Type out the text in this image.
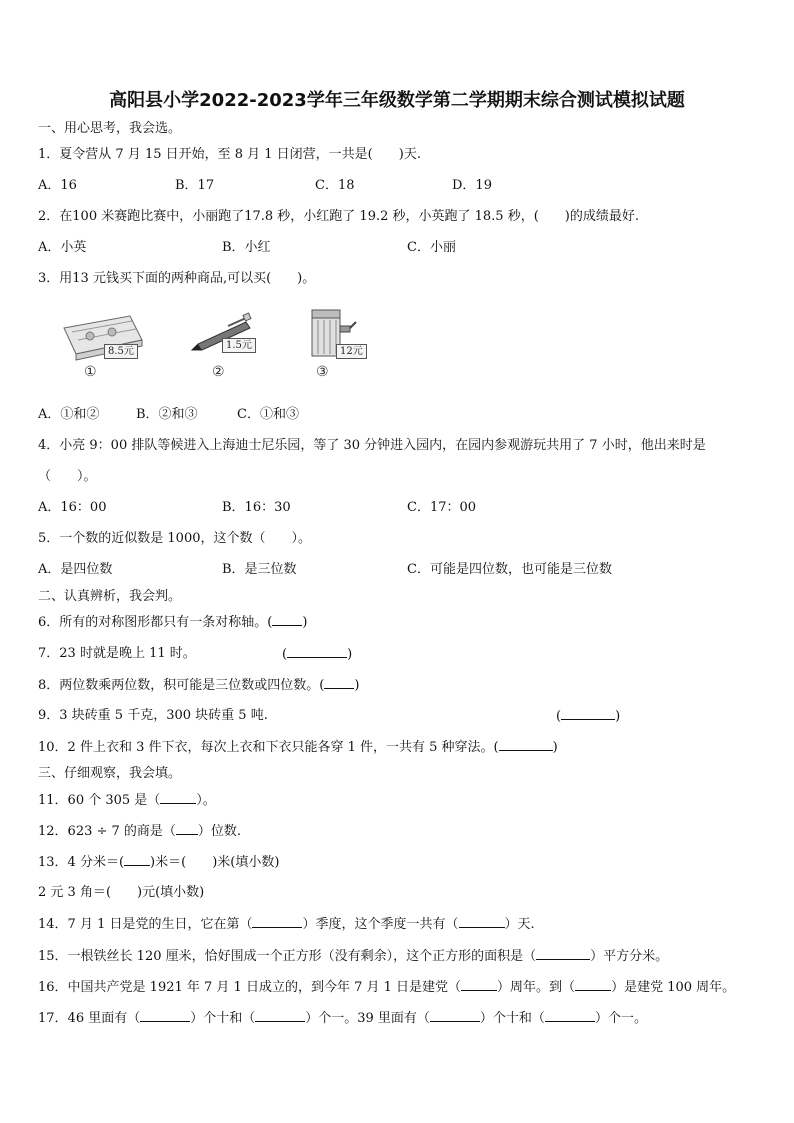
高阳县小学2022-2023学年三年级数学第二学期期末综合测试模拟试题
一、用心思考，我会选。
1．夏令营从 7 月 15 日开始，至 8 月 1 日闭营，一共是(　　)天.
A．16	B．17	C．18	D．19
2．在100 米赛跑比赛中，小丽跑了17.8 秒，小红跑了 19.2 秒，小英跑了 18.5 秒，(　　)的成绩最好.
A．小英	B．小红	C．小丽
3．用13 元钱买下面的两种商品,可以买(　　)。
8.5元
①
1.5元
②
12元
③
A．①和②	B．②和③	C．①和③
4．小亮 9：00 排队等候进入上海迪士尼乐园，等了 30 分钟进入园内，在园内参观游玩共用了 7 小时，他出来时是
（　　）。
A．16：00	B．16：30	C．17：00
5．一个数的近似数是 1000，这个数（　　）。
A．是四位数	B．是三位数	C．可能是四位数，也可能是三位数
二、认真辨析，我会判。
6．所有的对称图形都只有一条对称轴。( )
7．23 时就是晚上 11 时。	(	)
8．两位数乘两位数，积可能是三位数或四位数。( )
9．3 块砖重 5 千克，300 块砖重 5 吨.	(	)
10．2 件上衣和 3 件下衣，每次上衣和下衣只能各穿 1 件，一共有 5 种穿法。(	)
三、仔细观察，我会填。
11．60 个 305 是（	）。
12．623 ÷ 7 的商是（ ）位数.
13．4 分米＝( )米＝( )米(填小数)
2 元 3 角＝(　　)元(填小数)
14．7 月 1 日是党的生日，它在第（	）季度，这个季度一共有（	）天.
15．一根铁丝长 120 厘米，恰好围成一个正方形（没有剩余），这个正方形的面积是（	）平方分米。
16．中国共产党是 1921 年 7 月 1 日成立的，到今年 7 月 1 日是建党（	）周年。到（	）是建党 100 周年。
17．46 里面有（	）个十和（	）个一。39 里面有（	）个十和（	）个一。
